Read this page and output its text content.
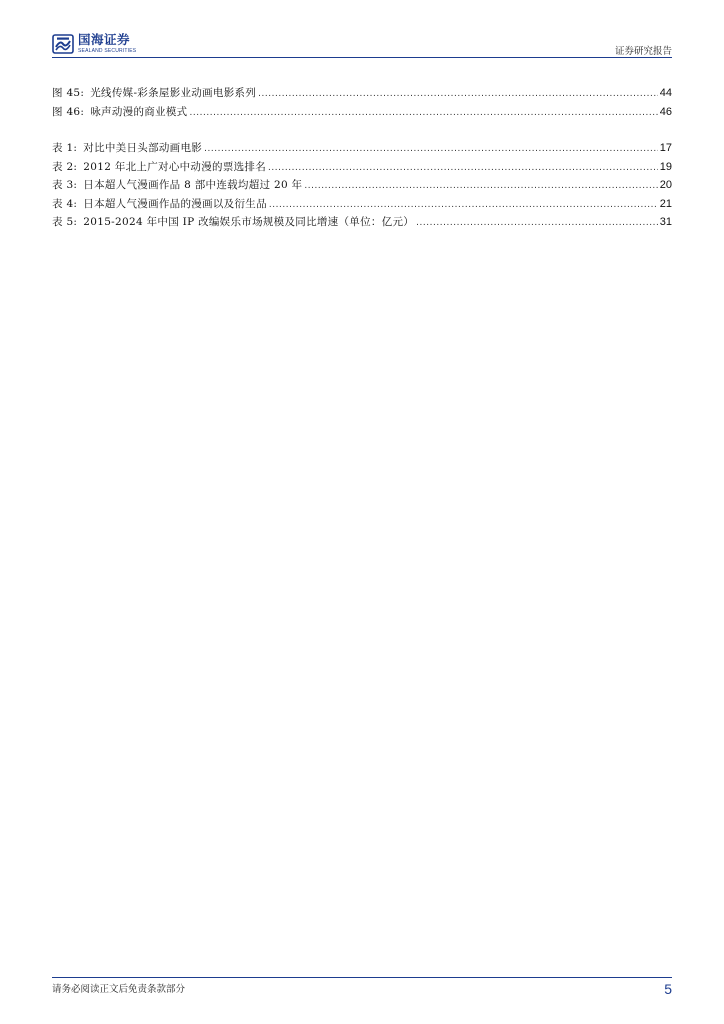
国海证券
SEALAND SECURITIES	证券研究报告
图 45: 光线传媒-彩条屋影业动画电影系列 .....	44
图 46: 咏声动漫的商业模式 .....	46
表 1: 对比中美日头部动画电影 .....	17
表 2: 2012 年北上广对心中动漫的票选排名 .....	19
表 3: 日本超人气漫画作品 8 部中连载均超过 20 年 .....	20
表 4: 日本超人气漫画作品的漫画以及衍生品 .....	21
表 5: 2015-2024 年中国 IP 改编娱乐市场规模及同比增速（单位：亿元） .....	31
请务必阅读正文后免责条款部分	5
